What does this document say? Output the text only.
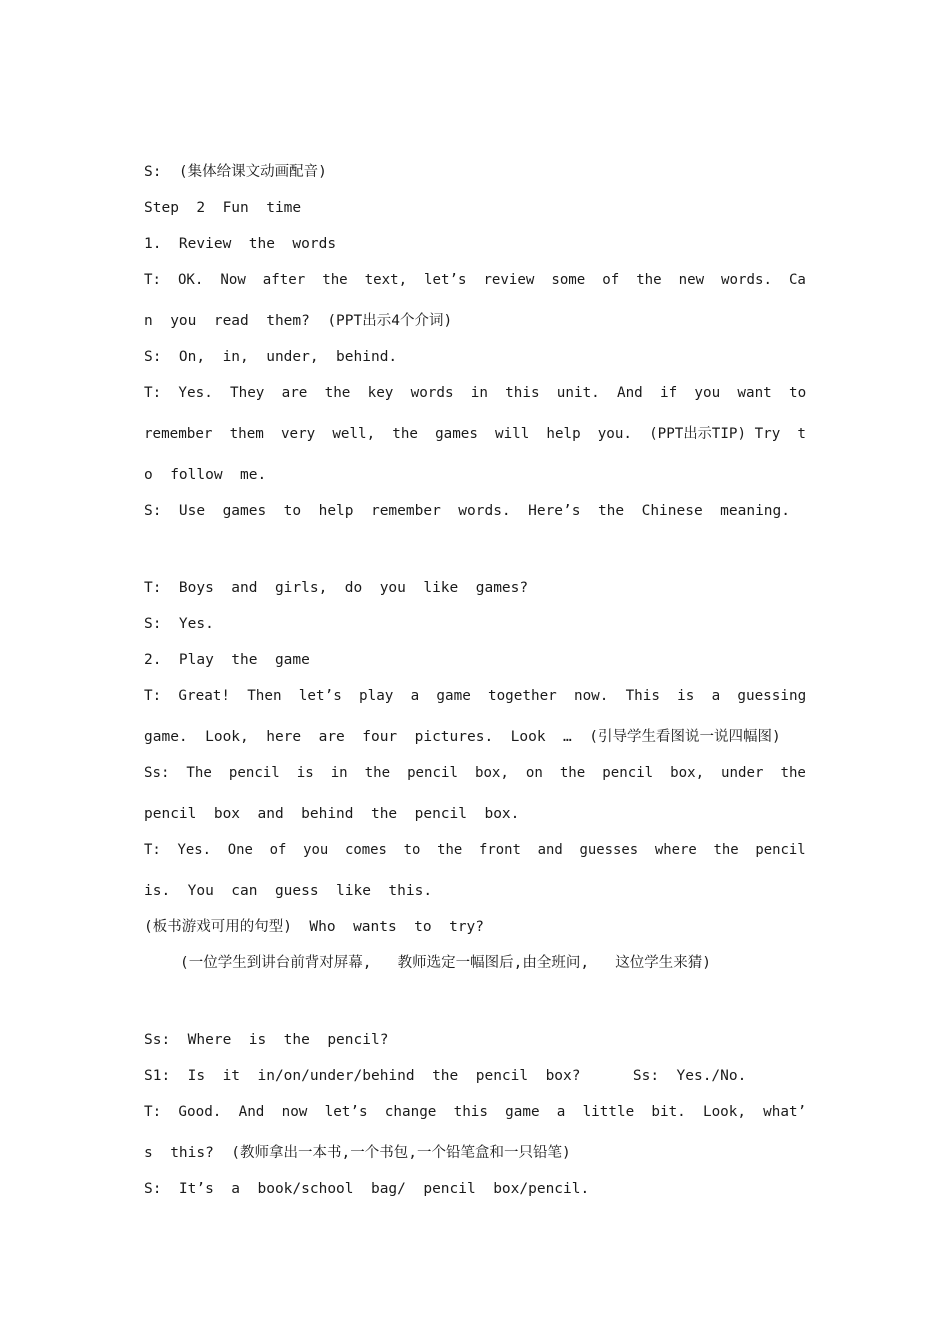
S:  (集体给课文动画配音)
Step  2  Fun  time
1.  Review  the  words
T:  OK.  Now  after  the  text,  let’s  review  some  of  the  new  words.  Ca
n  you  read  them?  (PPT出示4个介词)
S:  On,  in,  under,  behind.
T:  Yes.  They  are  the  key  words  in  this  unit.  And  if  you  want  to
remember  them  very  well,  the  games  will  help  you.  (PPT出示TIP) Try  t
o  follow  me.
S:  Use  games  to  help  remember  words.  Here’s  the  Chinese  meaning.
T:  Boys  and  girls,  do  you  like  games?
S:  Yes.
2.  Play  the  game
T:  Great!  Then  let’s  play  a  game  together  now.  This  is  a  guessing
game.  Look,  here  are  four  pictures.  Look  …  (引导学生看图说一说四幅图)
Ss:  The  pencil  is  in  the  pencil  box,  on  the  pencil  box,  under  the
pencil  box  and  behind  the  pencil  box.
T:  Yes.  One  of  you  comes  to  the  front  and  guesses  where  the  pencil
is.  You  can  guess  like  this.
(板书游戏可用的句型)  Who  wants  to  try?
(一位学生到讲台前背对屏幕,   教师选定一幅图后,由全班问,   这位学生来猜)
Ss:  Where  is  the  pencil?
S1:  Is  it  in/on/under/behind  the  pencil  box?      Ss:  Yes./No.
T:  Good.  And  now  let’s  change  this  game  a  little  bit.  Look,  what’
s  this?  (教师拿出一本书,一个书包,一个铅笔盒和一只铅笔)
S:  It’s  a  book/school  bag/  pencil  box/pencil.
